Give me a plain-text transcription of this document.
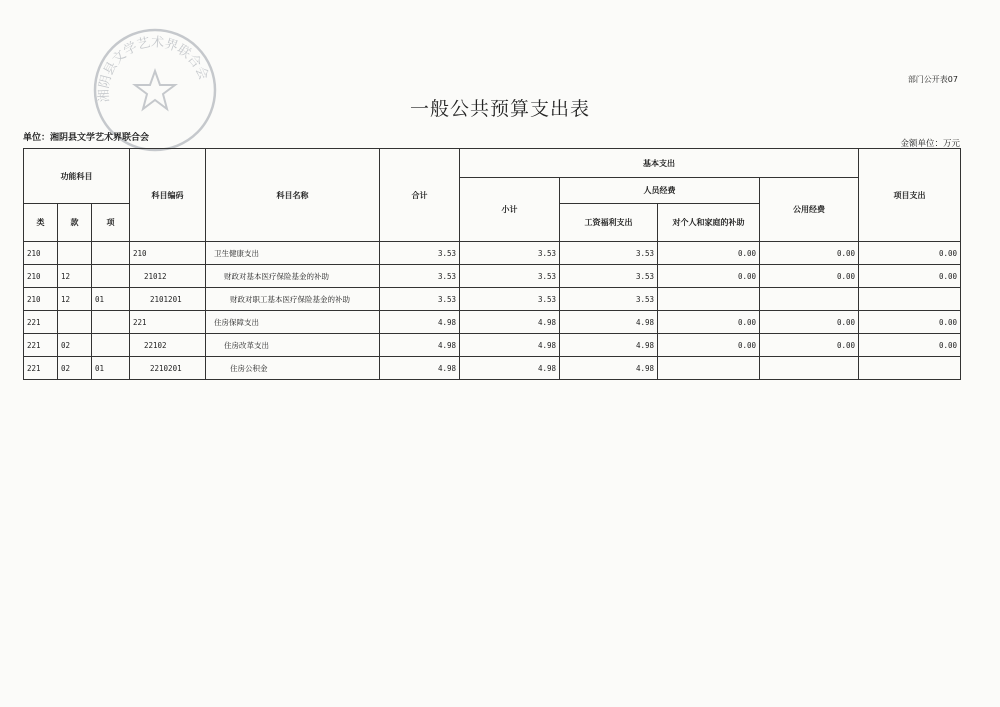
湘阴县文学艺术界联合会	部门公开表07
一般公共预算支出表
单位：湘阴县文学艺术界联合会
金额单位：万元
功能科目			科目编码	科目名称	合计	基本支出				项目支出
						小计	人员经费		公用经费	
类	款	项					工资福利支出	对个人和家庭的补助		
210			210	卫生健康支出	3.53	3.53	3.53	0.00	0.00	0.00
210	12		21012	财政对基本医疗保险基金的补助	3.53	3.53	3.53	0.00	0.00	0.00
210	12	01	2101201	财政对职工基本医疗保险基金的补助	3.53	3.53	3.53			
221			221	住房保障支出	4.98	4.98	4.98	0.00	0.00	0.00
221	02		22102	住房改革支出	4.98	4.98	4.98	0.00	0.00	0.00
221	02	01	2210201	住房公积金	4.98	4.98	4.98			
